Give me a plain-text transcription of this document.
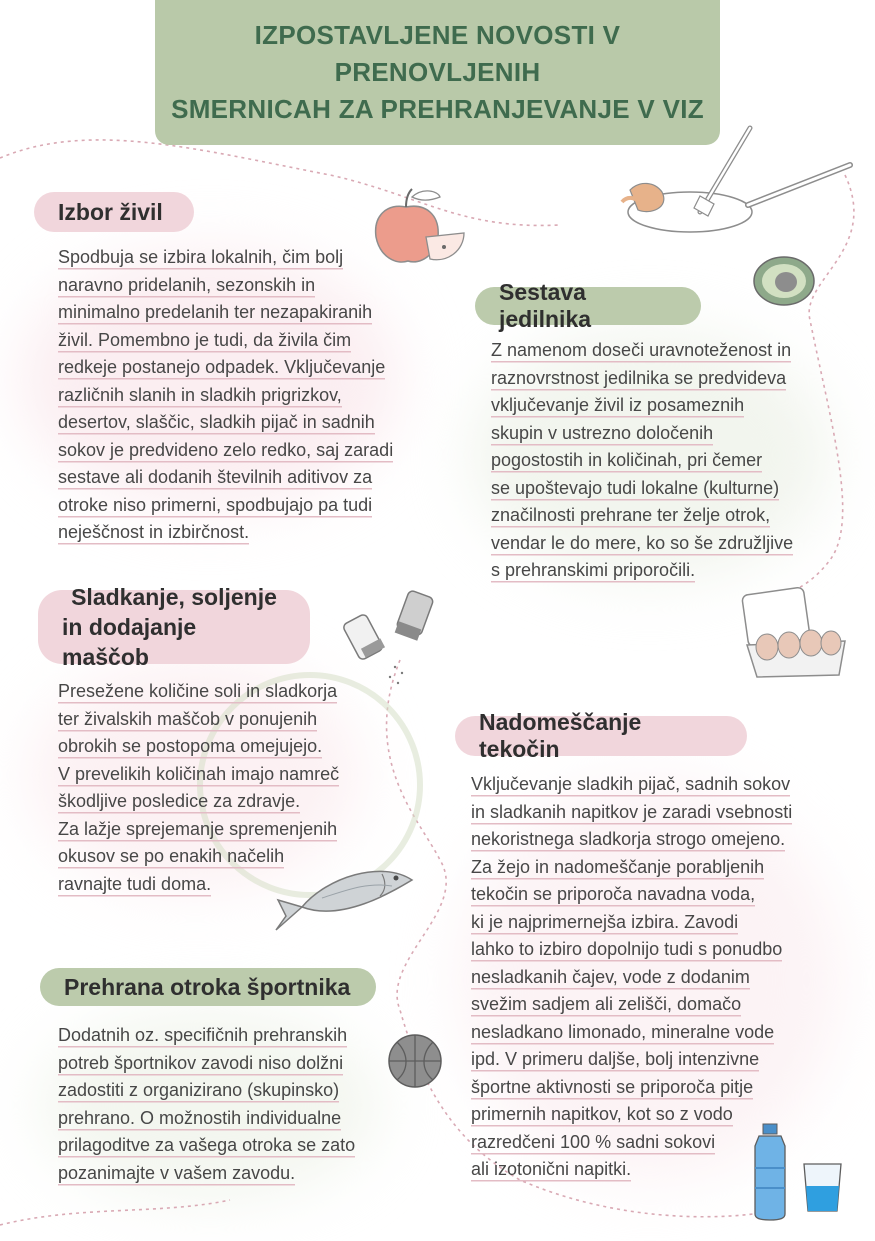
IZPOSTAVLJENE NOVOSTI V PRENOVLJENIH
SMERNICAH ZA PREHRANJEVANJE V VIZ
Izbor živil
Spodbuja se izbira lokalnih, čim bolj
naravno pridelanih, sezonskih in
minimalno predelanih ter nezapakiranih
živil. Pomembno je tudi, da živila čim
redkeje postanejo odpadek. Vključevanje
različnih slanih in sladkih prigrizkov,
desertov, slaščic, sladkih pijač in sadnih
sokov je predvideno zelo redko, saj zaradi
sestave ali dodanih številnih aditivov za
otroke niso primerni, spodbujajo pa tudi
neješčnost in izbirčnost.
Sestava jedilnika
Z namenom doseči uravnoteženost in
raznovrstnost jedilnika se predvideva
vključevanje živil iz posameznih
skupin v ustrezno določenih
pogostostih in količinah, pri čemer
se upoštevajo tudi lokalne (kulturne)
značilnosti prehrane ter želje otrok,
vendar le do mere, ko so še združljive
s prehranskimi priporočili.
Sladkanje, soljenje
in dodajanje maščob
Presežene količine soli in sladkorja
ter živalskih maščob v ponujenih
obrokih se postopoma omejujejo.
V prevelikih količinah imajo namreč
škodljive posledice za zdravje.
Za lažje sprejemanje spremenjenih
okusov se po enakih načelih
ravnajte tudi doma.
Nadomeščanje tekočin
Vključevanje sladkih pijač, sadnih sokov
in sladkanih napitkov je zaradi vsebnosti
nekoristnega sladkorja strogo omejeno.
Za žejo in nadomeščanje porabljenih
tekočin se priporoča navadna voda,
ki je najprimernejša izbira. Zavodi
lahko to izbiro dopolnijo tudi s ponudbo
nesladkanih čajev, vode z dodanim
svežim sadjem ali zelišči, domačo
nesladkano limonado, mineralne vode
ipd. V primeru daljše, bolj intenzivne
športne aktivnosti se priporoča pitje
primernih napitkov, kot so z vodo
razredčeni 100 % sadni sokovi
ali izotonični napitki.
Prehrana otroka športnika
Dodatnih oz. specifičnih prehranskih
potreb športnikov zavodi niso dolžni
zadostiti z organizirano (skupinsko)
prehrano. O možnostih individualne
prilagoditve za vašega otroka se zato
pozanimajte v vašem zavodu.
